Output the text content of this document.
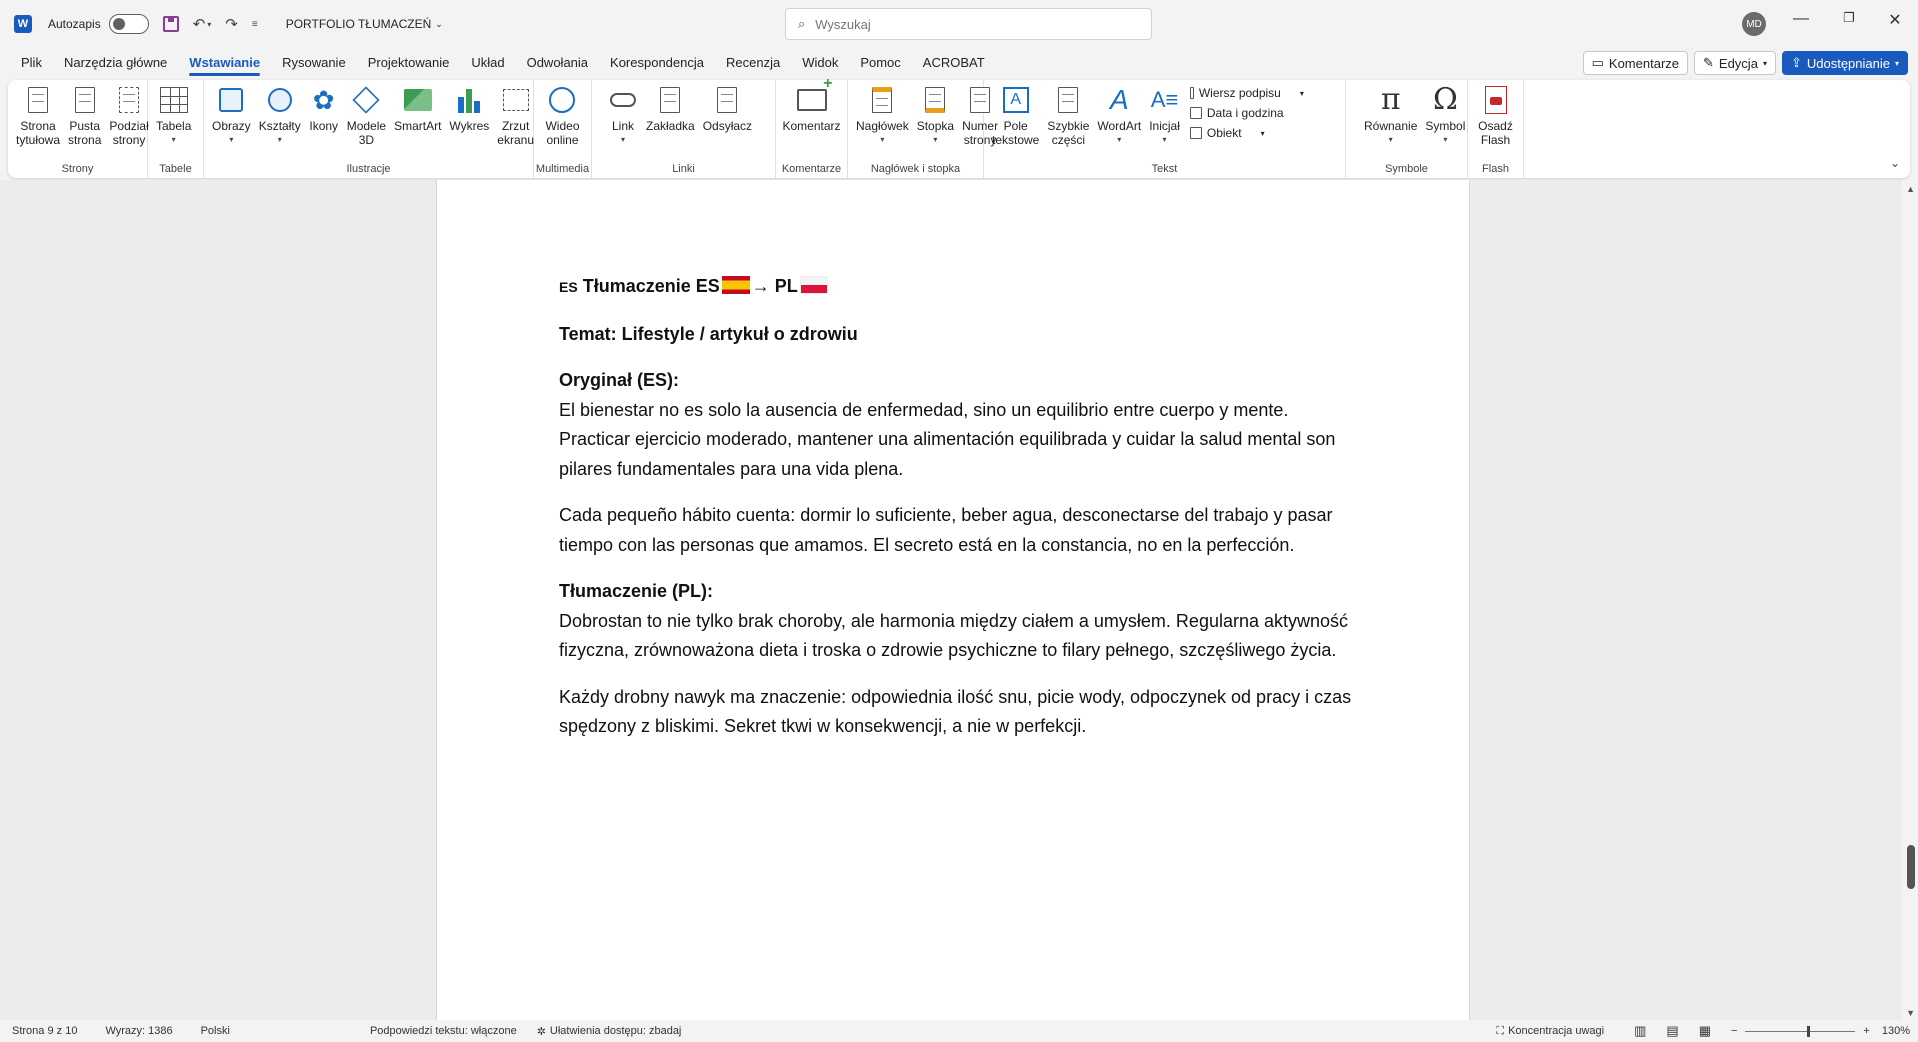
W	Autozapis	↶ ▾ ↷ ≡ PORTFOLIO TŁUMACZEŃ ⌄	⌕
Wyszukaj	MD	—	❐	✕
Plik	Narzędzia główne	Wstawianie	Rysowanie	Projektowanie	Układ	Odwołania	Korespondencja	Recenzja	Widok	Pomoc	ACROBAT	▭ Komentarze ✎ Edycja ▾ ⇪ Udostępnianie ▾
Strona
tytułowa
Pusta
strona
Podział
strony
Strony
Tabela
▾
Tabele
Obrazy
▾
Kształty
▾
✿
Ikony Modele
3D
SmartArt Wykres Zrzut
ekranu
Ilustracje
Wideo
online
Multimedia
Link
▾
Zakładka Odsyłacz
Linki
+
Komentarz
Komentarze
Nagłówek
▾
Stopka
▾
Numer
strony
Nagłówek i stopka
A
Pole
tekstowe
Szybkie
części
A
WordArt
▾
A≡
Inicjał
▾
Wiersz podpisu ▾
Data i godzina
Obiekt ▾
Tekst
π
Równanie
▾
Ω
Symbol
▾
Symbole
Osadź
Flash
Flash	⌄

ES Tłumaczenie ES → PL

Temat: Lifestyle / artykuł o zdrowiu

Oryginał (ES):
El bienestar no es solo la ausencia de enfermedad, sino un equilibrio entre cuerpo y mente. Practicar ejercicio moderado, mantener una alimentación equilibrada y cuidar la salud mental son pilares fundamentales para una vida plena.

Cada pequeño hábito cuenta: dormir lo suficiente, beber agua, desconectarse del trabajo y pasar tiempo con las personas que amamos. El secreto está en la constancia, no en la perfección.

Tłumaczenie (PL):
Dobrostan to nie tylko brak choroby, ale harmonia między ciałem a umysłem. Regularna aktywność fizyczna, zrównoważona dieta i troska o zdrowie psychiczne to filary pełnego, szczęśliwego życia.

Każdy drobny nawyk ma znaczenie: odpowiednia ilość snu, picie wody, odpoczynek od pracy i czas spędzony z bliskimi. Sekret tkwi w konsekwencji, a nie w perfekcji.

▲
▼
Strona 9 z 10	Wyrazy: 1386	Polski	Podpowiedzi tekstu: włączone ✲ Ułatwienia dostępu: zbadaj	⛶ Koncentracja uwagi ▥ ▤ ▦ −	+ 130%
